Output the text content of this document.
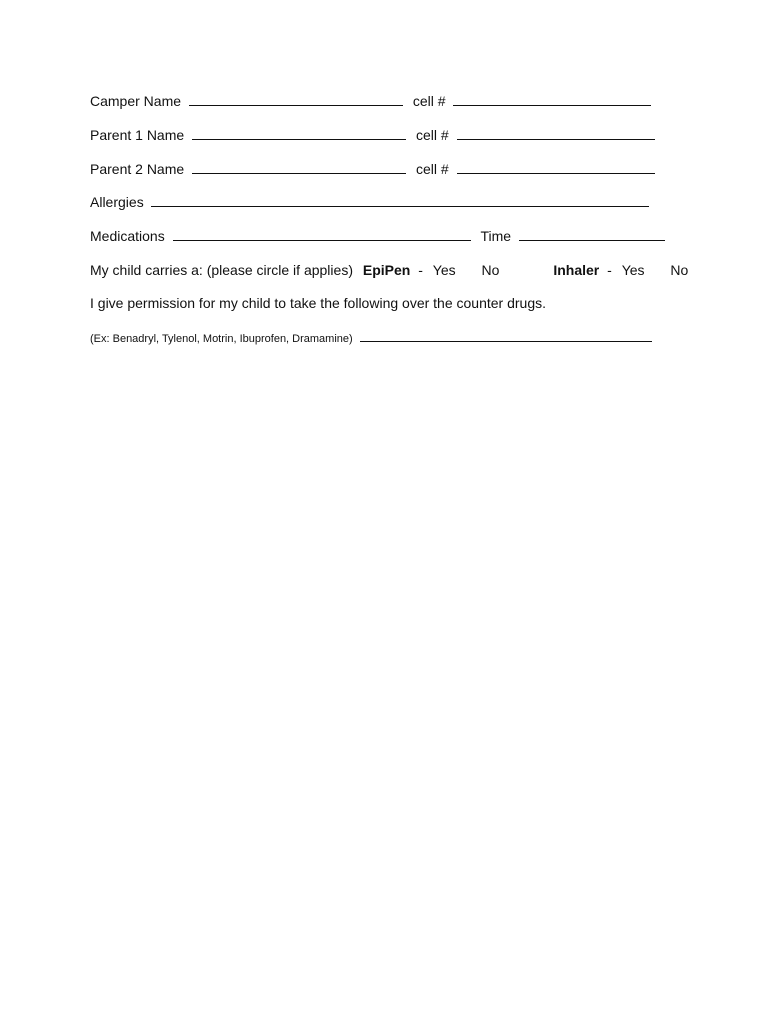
Camper Name	cell #
Parent 1 Name	cell #
Parent 2 Name	cell #
Allergies
Medications	Time
My child carries a: (please circle if applies) EpiPen - Yes No	Inhaler - Yes No
I give permission for my child to take the following over the counter drugs.
(Ex: Benadryl, Tylenol, Motrin, Ibuprofen, Dramamine)
